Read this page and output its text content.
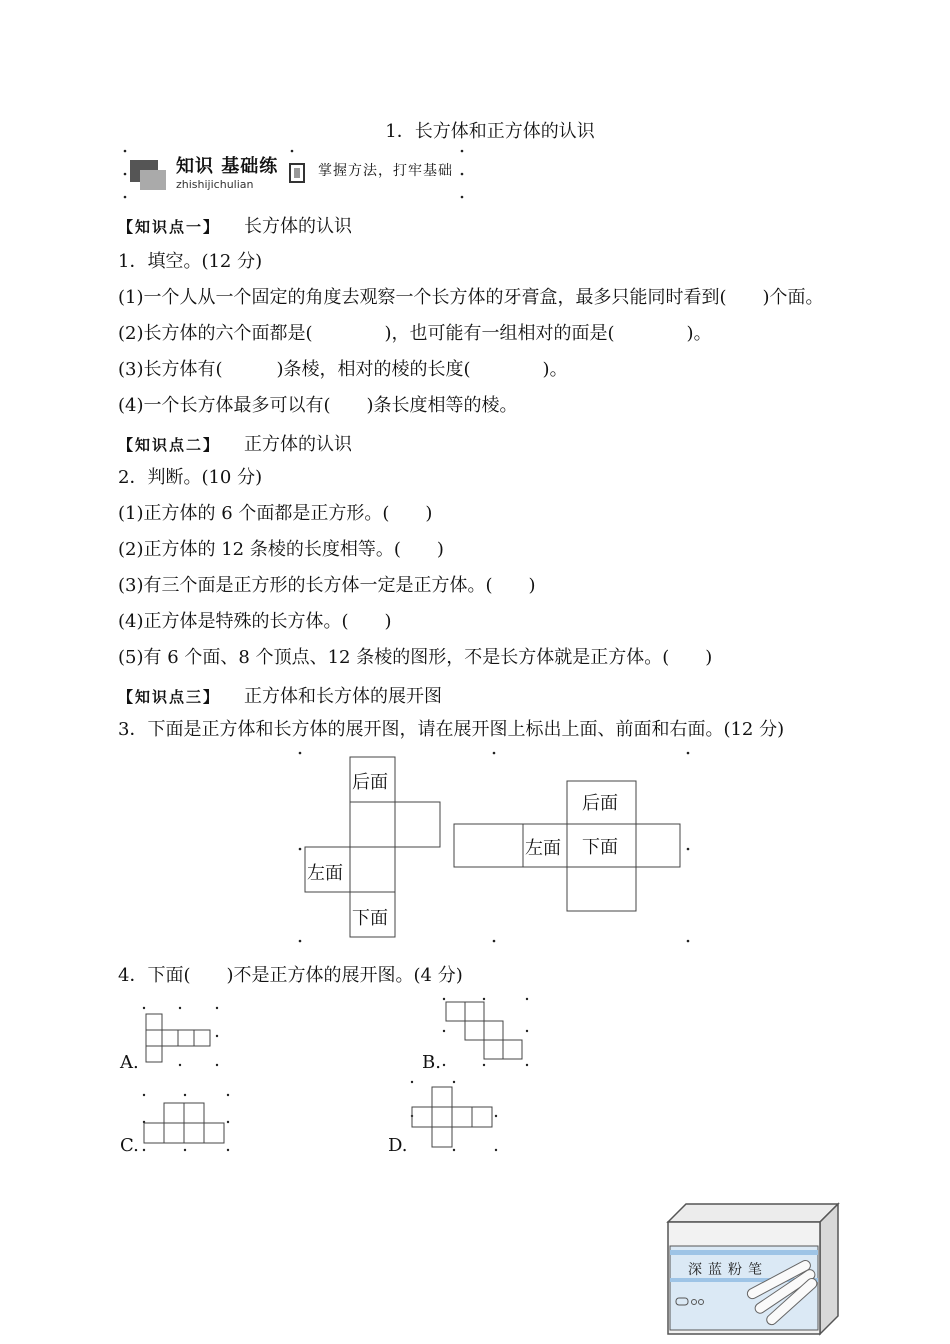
1．长方体和正方体的认识
知识 基础练
zhishijichulian
掌握方法，打牢基础
【知识点一】 长方体的认识
1．填空。(12 分)
(1)一个人从一个固定的角度去观察一个长方体的牙膏盒，最多只能同时看到(　　)个面。
(2)长方体的六个面都是(　　　　)，也可能有一组相对的面是(　　　　)。
(3)长方体有(　　　)条棱，相对的棱的长度(　　　　)。
(4)一个长方体最多可以有(　　)条长度相等的棱。
【知识点二】 正方体的认识
2．判断。(10 分)
(1)正方体的 6 个面都是正方形。(　　)
(2)正方体的 12 条棱的长度相等。(　　)
(3)有三个面是正方形的长方体一定是正方体。(　　)
(4)正方体是特殊的长方体。(　　)
(5)有 6 个面、8 个顶点、12 条棱的图形，不是长方体就是正方体。(　　)
【知识点三】 正方体和长方体的展开图
3．下面是正方体和长方体的展开图，请在展开图上标出上面、前面和右面。(12 分)
后面
左面
下面
后面
左面 下面
4．下面(　　)不是正方体的展开图。(4 分)
A.	B.
C.	D.
深蓝粉笔
